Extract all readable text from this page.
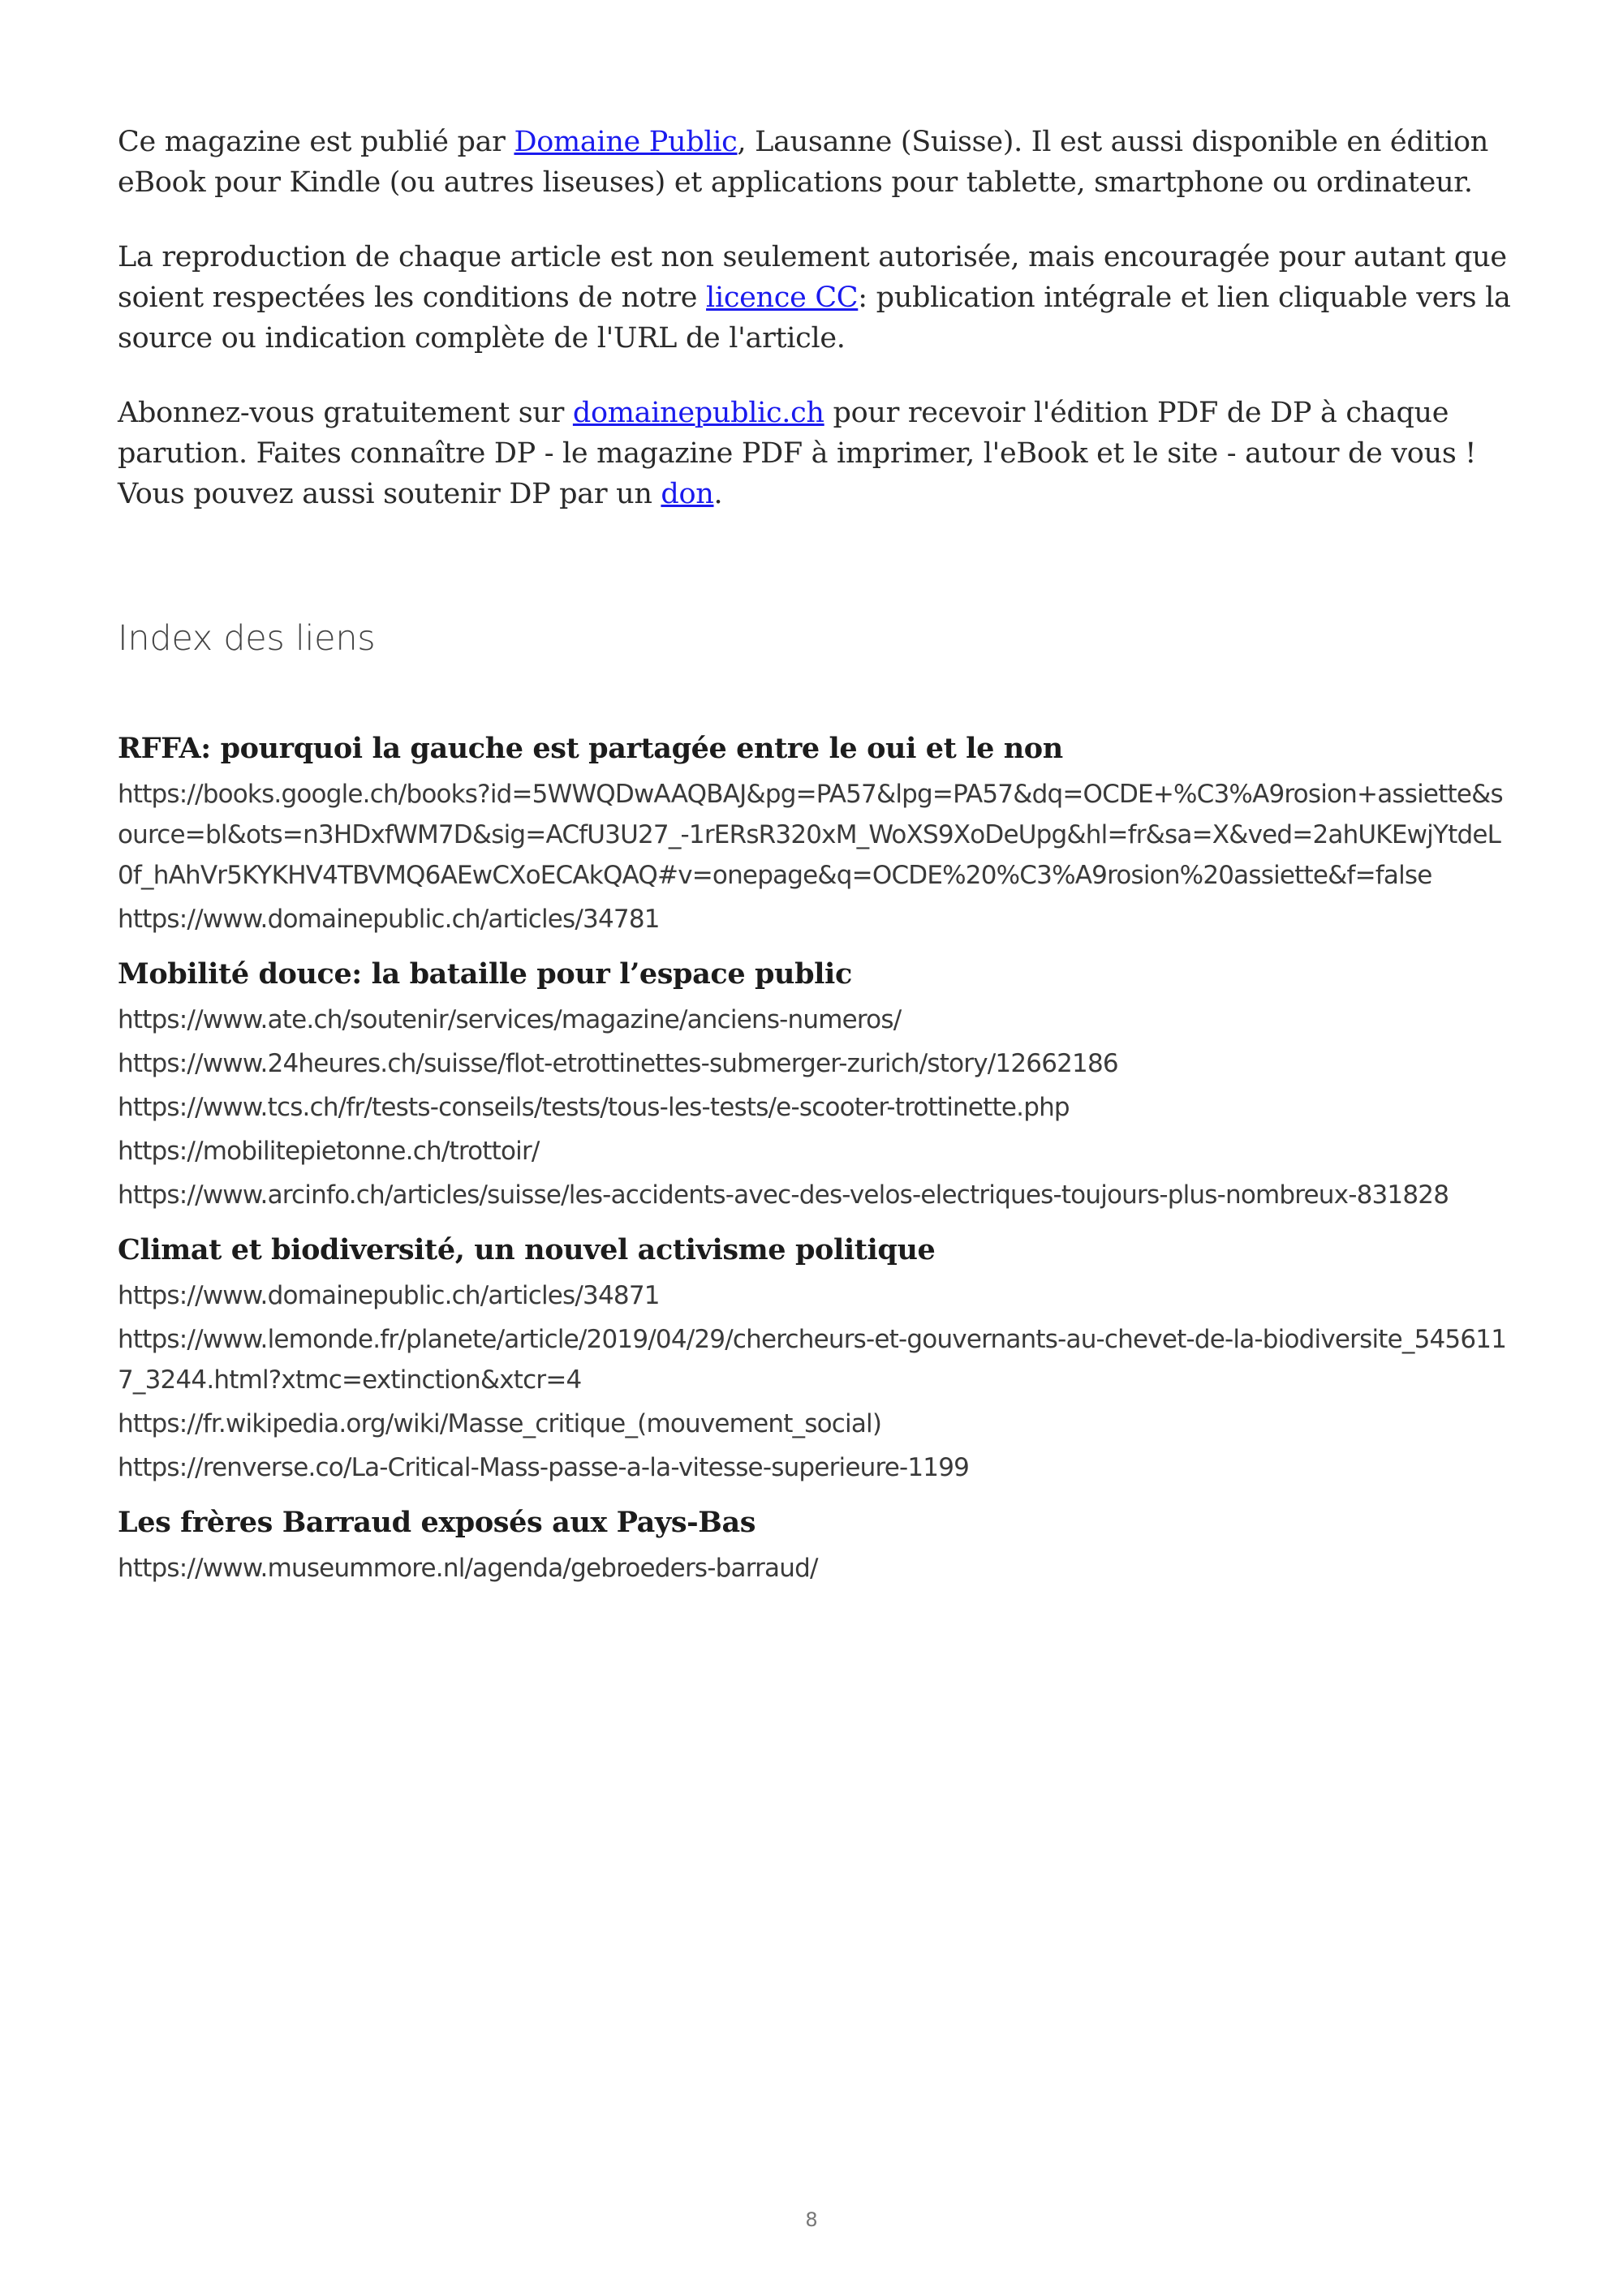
Ce magazine est publié par Domaine Public, Lausanne (Suisse). Il est aussi disponible en édition eBook pour Kindle (ou autres liseuses) et applications pour tablette, smartphone ou ordinateur.

La reproduction de chaque article est non seulement autorisée, mais encouragée pour autant que soient respectées les conditions de notre licence CC: publication intégrale et lien cliquable vers la source ou indication complète de l'URL de l'article.

Abonnez-vous gratuitement sur domainepublic.ch pour recevoir l'édition PDF de DP à chaque parution. Faites connaître DP - le magazine PDF à imprimer, l'eBook et le site - autour de vous ! Vous pouvez aussi soutenir DP par un don.

Index des liens
RFFA: pourquoi la gauche est partagée entre le oui et le non
https://books.google.ch/books?id=5WWQDwAAQBAJ&pg=PA57&lpg=PA57&dq=OCDE+%C3%A9rosion+assiette&source=bl&ots=n3HDxfWM7D&sig=ACfU3U27_-1rERsR320xM_WoXS9XoDeUpg&hl=fr&sa=X&ved=2ahUKEwjYtdeL0f_hAhVr5KYKHV4TBVMQ6AEwCXoECAkQAQ#v=onepage&q=OCDE%20%C3%A9rosion%20assiette&f=false
https://www.domainepublic.ch/articles/34781
Mobilité douce: la bataille pour l’espace public
https://www.ate.ch/soutenir/services/magazine/anciens-numeros/
https://www.24heures.ch/suisse/flot-etrottinettes-submerger-zurich/story/12662186
https://www.tcs.ch/fr/tests-conseils/tests/tous-les-tests/e-scooter-trottinette.php
https://mobilitepietonne.ch/trottoir/
https://www.arcinfo.ch/articles/suisse/les-accidents-avec-des-velos-electriques-toujours-plus-nombreux-831828
Climat et biodiversité, un nouvel activisme politique
https://www.domainepublic.ch/articles/34871
https://www.lemonde.fr/planete/article/2019/04/29/chercheurs-et-gouvernants-au-chevet-de-la-biodiversite_5456117_3244.html?xtmc=extinction&xtcr=4
https://fr.wikipedia.org/wiki/Masse_critique_(mouvement_social)
https://renverse.co/La-Critical-Mass-passe-a-la-vitesse-superieure-1199
Les frères Barraud exposés aux Pays-Bas
https://www.museummore.nl/agenda/gebroeders-barraud/
8
